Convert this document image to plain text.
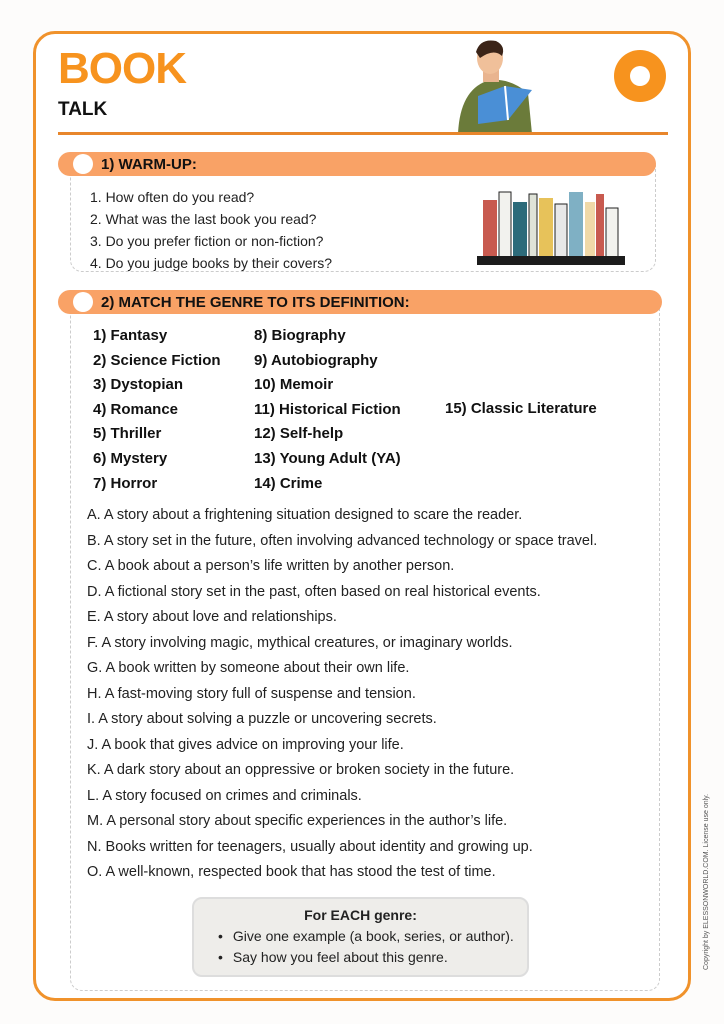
BOOK
TALK
1) WARM-UP:
1. How often do you read?
2. What was the last book you read?
3. Do you prefer fiction or non-fiction?
4. Do you judge books by their covers?
2) MATCH THE GENRE TO ITS DEFINITION:
1) Fantasy
2) Science Fiction
3) Dystopian
4) Romance
5) Thriller
6) Mystery
7) Horror
8) Biography
9) Autobiography
10) Memoir
11) Historical Fiction
12) Self-help
13) Young Adult (YA)
14) Crime
15) Classic Literature
A. A story about a frightening situation designed to scare the reader.
B. A story set in the future, often involving advanced technology or space travel.
C. A book about a person’s life written by another person.
D. A fictional story set in the past, often based on real historical events.
E. A story about love and relationships.
F. A story involving magic, mythical creatures, or imaginary worlds.
G. A book written by someone about their own life.
H. A fast-moving story full of suspense and tension.
I. A story about solving a puzzle or uncovering secrets.
J. A book that gives advice on improving your life.
K. A dark story about an oppressive or broken society in the future.
L. A story focused on crimes and criminals.
M. A personal story about specific experiences in the author’s life.
N. Books written for teenagers, usually about identity and growing up.
O. A well-known, respected book that has stood the test of time.
For EACH genre:
• Give one example (a book, series, or author).
• Say how you feel about this genre.	Copyright by ELESSONWORLD.COM. License use only.
